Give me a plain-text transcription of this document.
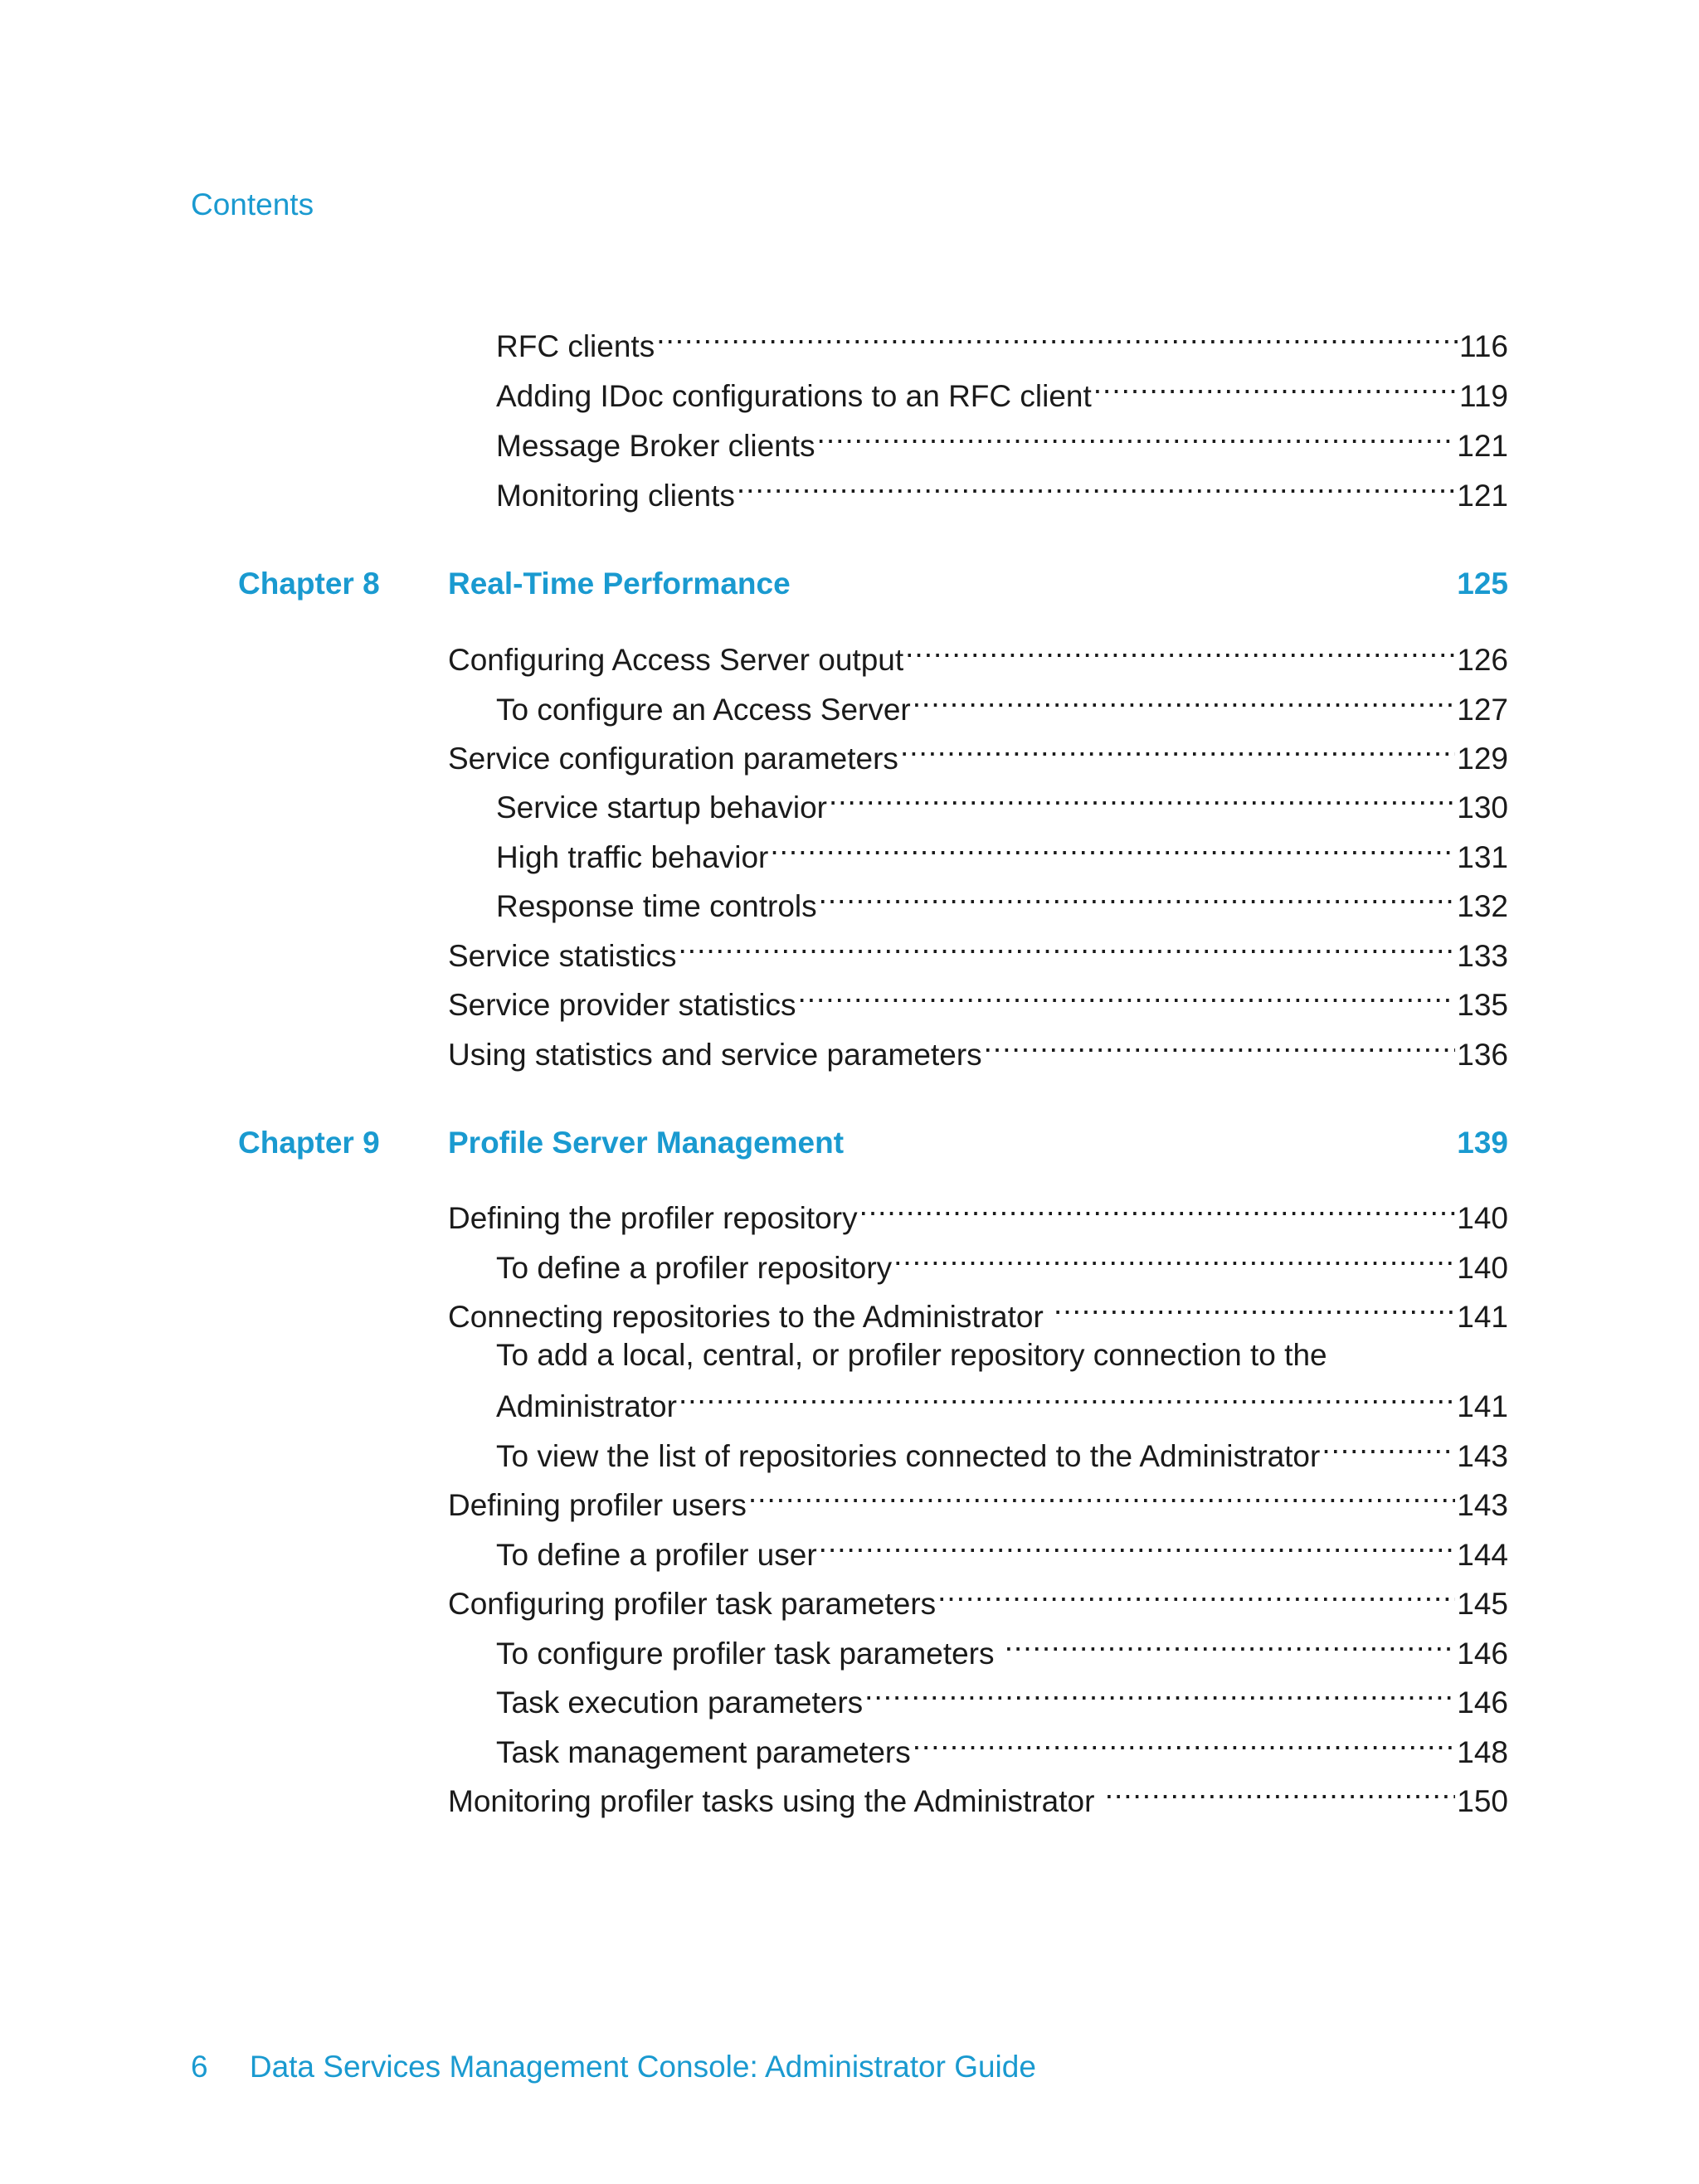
Contents
RFC clients .....	116
Adding IDoc configurations to an RFC client .....	119
Message Broker clients .....	121
Monitoring clients .....	121
Chapter 8 Real-Time Performance	125
Configuring Access Server output .....	126
To configure an Access Server .....	127
Service configuration parameters .....	129
Service startup behavior .....	130
High traffic behavior .....	131
Response time controls .....	132
Service statistics .....	133
Service provider statistics .....	135
Using statistics and service parameters .....	136
Chapter 9 Profile Server Management	139
Defining the profiler repository .....	140
To define a profiler repository .....	140
Connecting repositories to the Administrator .....	141
To add a local, central, or profiler repository connection to the
Administrator .....	141
To view the list of repositories connected to the Administrator .....	143
Defining profiler users .....	143
To define a profiler user .....	144
Configuring profiler task parameters .....	145
To configure profiler task parameters .....	146
Task execution parameters .....	146
Task management parameters .....	148
Monitoring profiler tasks using the Administrator .....	150
6 Data Services Management Console: Administrator Guide
